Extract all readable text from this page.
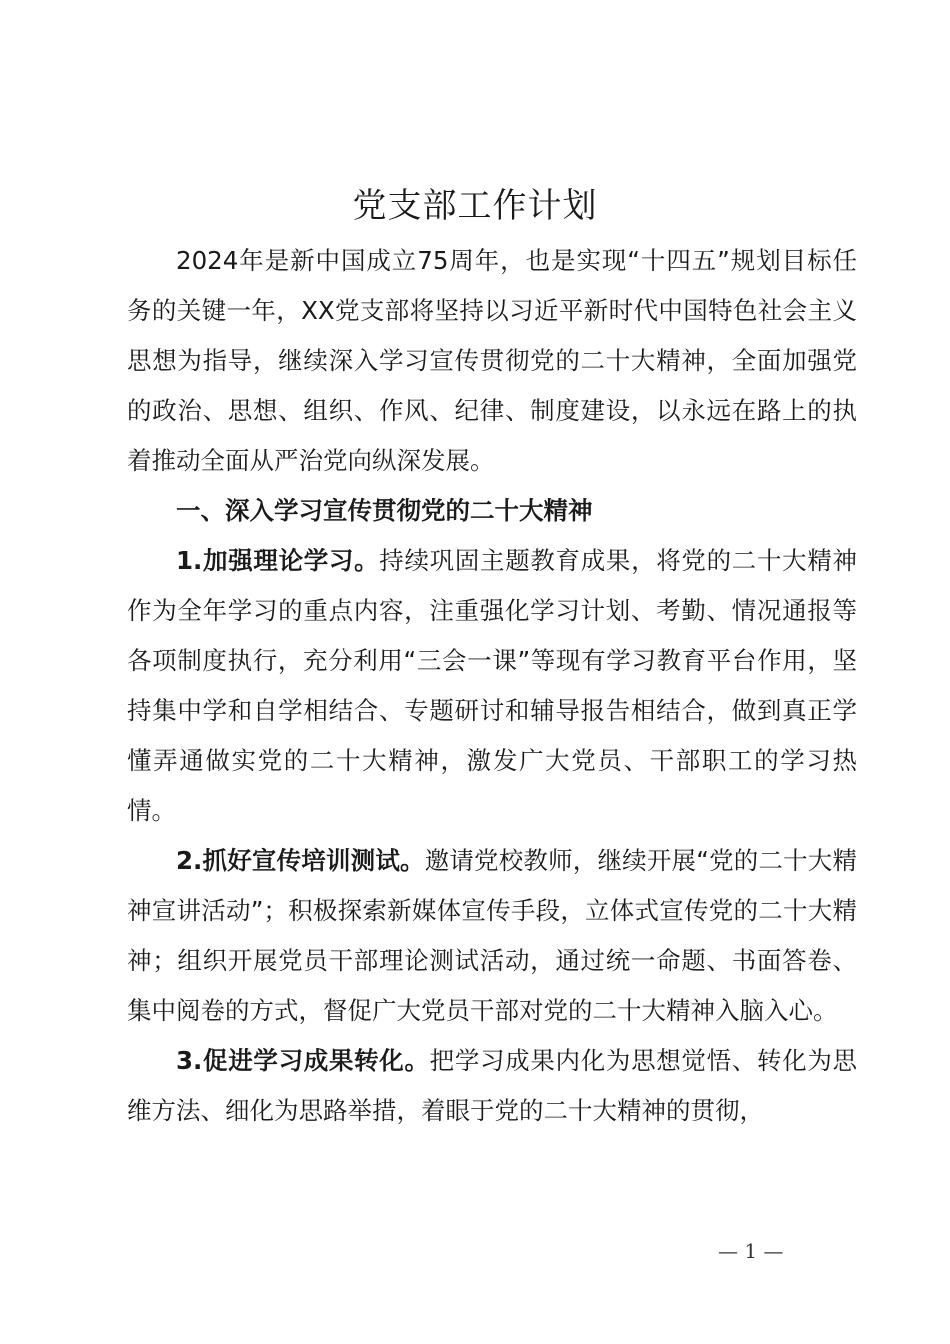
党支部工作计划

2024年是新中国成立75周年，也是实现“十四五”规划目标任务的关键一年，XX党支部将坚持以习近平新时代中国特色社会主义思想为指导，继续深入学习宣传贯彻党的二十大精神，全面加强党的政治、思想、组织、作风、纪律、制度建设，以永远在路上的执着推动全面从严治党向纵深发展。

一、深入学习宣传贯彻党的二十大精神

1.加强理论学习。持续巩固主题教育成果，将党的二十大精神作为全年学习的重点内容，注重强化学习计划、考勤、情况通报等各项制度执行，充分利用“三会一课”等现有学习教育平台作用，坚持集中学和自学相结合、专题研讨和辅导报告相结合，做到真正学懂弄通做实党的二十大精神，激发广大党员、干部职工的学习热情。

2.抓好宣传培训测试。邀请党校教师，继续开展“党的二十大精神宣讲活动”；积极探索新媒体宣传手段，立体式宣传党的二十大精神；组织开展党员干部理论测试活动，通过统一命题、书面答卷、集中阅卷的方式，督促广大党员干部对党的二十大精神入脑入心。

3.促进学习成果转化。把学习成果内化为思想觉悟、转化为思维方法、细化为思路举措，着眼于党的二十大精神的贯彻，

— 1 —
